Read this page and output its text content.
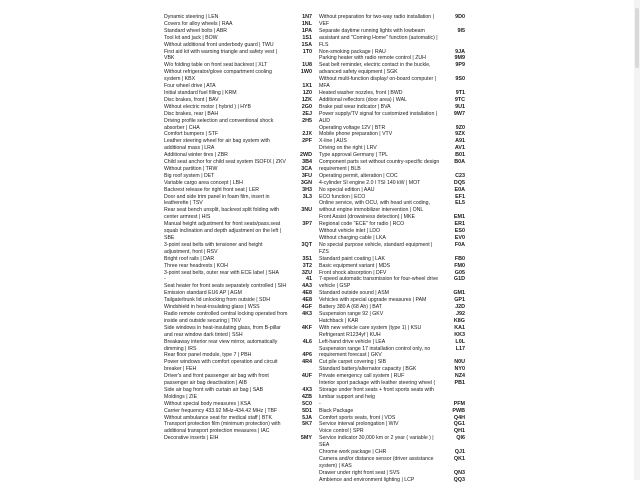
Dynamic steering | LEN	1N7
Covers for alloy wheels | RAA	1NL
Standard wheel bolts | ABR	1PA
Tool kit and jack | BOW	1S1
Without additional front underbody guard | TWU	1SA
First aid kit with warning triangle and safety vest | VBK
1T0
W/o folding table on front seat backrest | XLT	1U8
Without refrigerator/glove compartment cooling system | KBX
1W0
Four wheel drive | ATA	1X1
Initial standard fuel filling | KRM	1Z0
Disc brakes, front | BAV	1ZK
Without electric motor ( hybrid ) | HYB	2G0
Disc brakes, rear | BAH	2EJ
Driving profile selection and conventional shock absorber | CHA
2H5
Comfort bumpers | STF	2JX
Leather steering wheel for air bag system with additional mass | LRA
2PF
Additional winter tires | ZBR	2WD
Child seat anchor for child seat system ISOFIX | ZKV	3B4
Without partition | TRW	3CA
Big roof system | DET	3FU
Variable cargo area concept | LBH	3GN
Backrest release for right front seat | LER	3H3
Door and side trim panel in foam film, insert in leatherette | TSV
3L3
Rear seat bench unsplit, backrest split folding with center armrest | HIS
3NU
Manual height adjustment for front seats/pass.seat squab inclination and depth adjustment on the left | SBE
3P7
3-point seat belts with tensioner and height adjustment, front | RSV
3QT
Bright roof rails | DAR	3S1
Three rear headrests | KOH	3T2
3-point seat belts, outer rear with ECE label | SHA	3ZU
-	41
Seat heater for front seats separately controlled | SIH	4A3
Emission standard EU6 AP | AGM	4E8
Tailgate/trunk lid unlocking from outside | SDH	4E8
Windshield in heat-insulating glass | WSS	4GF
Radio remote controlled central locking operated from inside and outside securing | TKV
4K3
Side windows in heat-insulating glass, from B-pillar and rear window dark tinted | SSH
4KF
Breakaway interior rear view mirror, automatically dimming | IRS
4L6
Rear floor panel module, type 7 | PBH	4P6
Power windows with comfort operation and circuit breaker | FEH
4R4
Driver's and front passenger air bag with front passenger air bag deactivation | AIB
4UF
Side air bag front with curtain air bag | SAB	4X3
Moldings | ZIE	4ZB
Without special body measures | KSA	5C0
Carrier frequency 433.92 MHz-434.42 MHz | TBF	5D1
Without ambulance seat for medical staff | BTK	5JA
Transport protection film (minimum protection) with additional transport protection measures | IAC
5K7
Decorative inserts | EIH	5MY
Without preparation for two-way radio installation | VEF
9D0
Separate daytime running lights with lowbeam assistant and "Coming Home" function (automatic) | FLS
9I5
Non-smoking package | RAU	9JA
Parking heater with radio remote control | ZUH	9M9
Seat belt reminder, electric contact in the buckle, advanced safety equipment | SGK
9P9
Without multi-function display/ on-board computer | MFA
9S0
Heated washer nozzles, front | BWD	9T1
Additional reflectors (door area) | WAL	9TC
Brake pad wear indicator | BVA	9U1
Power supply/TV signal for customized installation | AUD
9W7
Operating voltage 12V | BTR	9Z0
Mobile phone preparation | VTV	9ZX
X-line | AUS	A91
Driving on the right | LRV	AV1
Type approval Germany | TPL	B01
Component parts set without country-specific design requirement | BLB
B0A
Operating permit, alteration | COC	C23
4-cylinder SI engine 2.0 l TSI 140 kW | MOT	DQ5
No special edition | AAU	E0A
ECO function | ECO	EF1
Online service, with OCU, with head unit coding, without engine immobilizer intervention | ONL
EL5
Front Assist (drowsiness detection) | MKE	EM1
Regional code "ECE" for radio | RCO	ER1
Without vehicle inlet | LDO	ES0
Without charging cable | LKA	EV0
No special purpose vehicle, standard equipment | FZS
F0A
Standard paint coating | LAK	FB0
Basic equipment variant | MDS	FM0
Front shock absorption | DFV	G05
7-speed automatic transmission for four-wheel drive vehicle | GSP
G1D
Standard outside sound | ASM	GM1
Vehicles with special upgrade measures | PAM	GP1
Battery 380 A (68 Ah) | BAT	J2D
Suspension range 92 | GKV	J92
Hatchback | KAR	K8G
With new vehicle care system (type 1) | KSU	KA1
Refrigerant R1234yf | KUH	KK3
Left-hand drive vehicle | LEA	L0L
Suspension range 17 installation control only, no requirement forecast | GKV
L17
Cut pile carpet covering | SIB	N0U
Standard battery/alternator capacity | BGK	NY0
Private emergency call system | RUF	NZ4
Interior sport package with leather steering wheel ( Storage under front seats + front sports seats with lumbar support and heig
PB1
-	PFM
Black Package	PWB
Comfort sports seats, front | VOS	Q4H
Service interval prolongation | WIV	QG1
Voice control | SPR	QH1
Service indicator 30,000 km or 2 year ( variable ) | SEA
QI6
Chrome work package | CHR	QJ1
Camera and/or distance sensor (driver assistance system) | KAS
QK1
Drawer under right front seat | SVS	QN3
Ambience and environment lighting | LCP	QQ3
